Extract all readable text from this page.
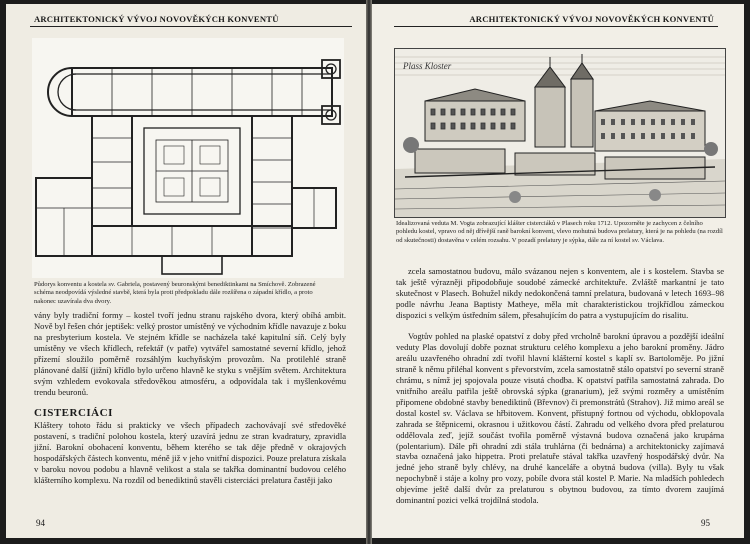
ARCHITEKTONICKÝ VÝVOJ NOVOVĚKÝCH KONVENTŮ
Půdorys konventu a kostela sv. Gabriela, postavený beuronskými benediktinkami na Smíchově. Zobrazené schéma neodpovídá výsledné stavbě, která byla proti předpokladu dále rozšířena o západní křídlo, a proto nakonec uzavírala dva dvory.
vány byly tradiční formy – kostel tvoří jednu stranu rajského dvora, který obíhá ambit. Nově byl řešen chór jeptišek: velký prostor umístěný ve východním křídle navazuje z boku na presbyterium kostela. Ve stejném křídle se nacházela také kapitulní síň. Celý byly umístěny ve všech křídlech, refektář (v patře) vytvářel samostatné severní křídlo, jehož přízemí sloužilo poměrně rozsáhlým kuchyňským provozům. Na protilehlé straně plánované další (jižní) křídlo bylo určeno hlavně ke styku s vnějším světem. Architektura svým vzhledem evokovala středověkou atmosféru, a odpovídala tak i myšlenkovému trendu beuronů.
CISTERCIÁCI
Kláštery tohoto řádu si prakticky ve všech případech zachovávají své středověké postavení, s tradiční polohou kostela, který uzavírá jednu ze stran kvadratury, zpravidla jižní. Barokní obohacení konventu, během kterého se tak děje předně v okrajových hospodářských částech konventu, méně již v jeho vnitřní dispozici. Pouze prelatura získala v baroku novou podobu a hlavně velikost a stala se takřka dominantní budovou celého klášterního komplexu. Na rozdíl od benediktinů stavěli cisterciáci prelatura častěji jako
94
ARCHITEKTONICKÝ VÝVOJ NOVOVĚKÝCH KONVENTŮ
Plass Kloster
Idealizovaná veduta M. Vogta zobrazující klášter cisterciáků v Plasech roku 1712. Upozorněte je zachycen z čelního pohledu kostel, vpravo od něj dřívější raně barokní konvent, vlevo mohutná budova prelatury, která je na pohledu (na rozdíl od skutečnosti) dostavěna v celém rozsahu. V pozadí prelatury je sýpka, dále za ní kostel sv. Václava.
zcela samostatnou budovu, málo svázanou nejen s konventem, ale i s kostelem. Stavba se tak ještě výrazněji připodobňuje soudobé zámecké architektuře. Zvláště markantní je tato skutečnost v Plasech. Bohužel nikdy nedokončená tamní prelatura, budovaná v letech 1693–98 podle návrhu Jeana Baptisty Matheye, měla mít charakteristickou trojkřídlou zámeckou dispozici s velkým ústředním sálem, přesahujícím do patra a vystupujícím do risalitu.
Vogtův pohled na plaské opatství z doby před vrcholně barokní úpravou a pozdější ideální veduty Plas dovolují dobře poznat strukturu celého komplexu a jeho barokní proměny. Jádro areálu uzavřeného ohradní zdí tvořil hlavní klášterní kostel s kaplí sv. Bartoloměje. Po jižní straně k němu přiléhal konvent s převorstvím, zcela samostatně stálo opatství po severní straně chrámu, s nímž jej spojovala pouze visutá chodba. K opatství patřila samostatná zahrada. Do vnitřního areálu patřila ještě obrovská sýpka (granarium), jež svými rozměry a umístěním připomene obdobné stavby benediktinů (Břevnov) či premonstrátů (Strahov). Již mimo areál se dostal kostel sv. Václava se hřbitovem. Konvent, přístupný fortnou od východu, obklopovala zahrada se štěpnicemi, okrasnou i užitkovou částí. Zahradu od velkého dvora před prelaturou oddělovala zeď, jejíž součást tvořila poměrně výstavná budova označená jako krupárna (polentarium). Dále při ohradní zdi stála truhlárna (či bednárna) a architektonicky zajímavá stavba označená jako hippetra. Proti prelatuře stával takřka uzavřený hospodářský dvůr. Na jedné jeho straně byly chlévy, na druhé kanceláře a obytná budova (villa). Byly tu však nepochybně i stáje a kolny pro vozy, pobíle dvora stál kostel P. Marie. Na mladších pohledech objevíme ještě další dvůr za prelaturou s obytnou budovou, za tímto dvorem zaujímá dominantní pozici velká trojdílná stodola.
95
